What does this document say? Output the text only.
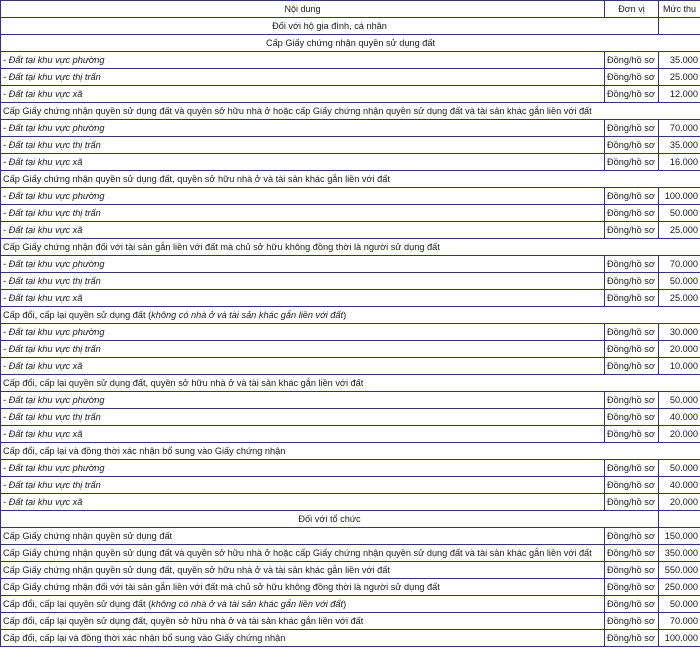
Nội dung	Đơn vị	Mức thu
Đối với hộ gia đình, cá nhân		
Cấp Giấy chứng nhận quyền sử dụng đất		
- Đất tại khu vực phường	Đồng/hồ sơ	35.000
- Đất tại khu vực thị trấn	Đồng/hồ sơ	25.000
- Đất tại khu vực xã	Đồng/hồ sơ	12.000
Cấp Giấy chứng nhận quyền sử dụng đất và quyền sở hữu nhà ở hoặc cấp Giấy chứng nhận quyền sử dụng đất và tài sản khác gắn liền với đất		
- Đất tại khu vực phường	Đồng/hồ sơ	70.000
- Đất tại khu vực thị trấn	Đồng/hồ sơ	35.000
- Đất tại khu vực xã	Đồng/hồ sơ	16.000
Cấp Giấy chứng nhận quyền sử dụng đất, quyền sở hữu nhà ở và tài sản khác gắn liền với đất		
- Đất tại khu vực phường	Đồng/hồ sơ	100.000
- Đất tại khu vực thị trấn	Đồng/hồ sơ	50.000
- Đất tại khu vực xã	Đồng/hồ sơ	25.000
Cấp Giấy chứng nhận đối với tài sản gắn liền với đất mà chủ sở hữu không đồng thời là người sử dụng đất		
- Đất tại khu vực phường	Đồng/hồ sơ	70.000
- Đất tại khu vực thị trấn	Đồng/hồ sơ	50.000
- Đất tại khu vực xã	Đồng/hồ sơ	25.000
Cấp đổi, cấp lại quyền sử dụng đất (không có nhà ở và tài sản khác gắn liền với đất)		
- Đất tại khu vực phường	Đồng/hồ sơ	30.000
- Đất tại khu vực thị trấn	Đồng/hồ sơ	20.000
- Đất tại khu vực xã	Đồng/hồ sơ	10.000
Cấp đổi, cấp lại quyền sử dụng đất, quyền sở hữu nhà ở và tài sản khác gắn liền với đất		
- Đất tại khu vực phường	Đồng/hồ sơ	50.000
- Đất tại khu vực thị trấn	Đồng/hồ sơ	40.000
- Đất tại khu vực xã	Đồng/hồ sơ	20.000
Cấp đổi, cấp lại và đồng thời xác nhận bổ sung vào Giấy chứng nhận		
- Đất tại khu vực phường	Đồng/hồ sơ	50.000
- Đất tại khu vực thị trấn	Đồng/hồ sơ	40.000
- Đất tại khu vực xã	Đồng/hồ sơ	20.000
Đối với tổ chức		
Cấp Giấy chứng nhận quyền sử dụng đất	Đồng/hồ sơ	150.000
Cấp Giấy chứng nhận quyền sử dụng đất và quyền sở hữu nhà ở hoặc cấp Giấy chứng nhận quyền sử dụng đất và tài sản khác gắn liền với đất	Đồng/hồ sơ	350.000
Cấp Giấy chứng nhận quyền sử dụng đất, quyền sở hữu nhà ở và tài sản khác gắn liền với đất	Đồng/hồ sơ	550.000
Cấp Giấy chứng nhận đối với tài sản gắn liền với đất mà chủ sở hữu không đồng thời là người sử dụng đất	Đồng/hồ sơ	250.000
Cấp đổi, cấp lại quyền sử dụng đất (không có nhà ở và tài sản khác gắn liền với đất)	Đồng/hồ sơ	50.000
Cấp đổi, cấp lại quyền sử dụng đất, quyền sở hữu nhà ở và tài sản khác gắn liền với đất	Đồng/hồ sơ	70.000
Cấp đổi, cấp lại và đồng thời xác nhận bổ sung vào Giấy chứng nhận	Đồng/hồ sơ	100.000
